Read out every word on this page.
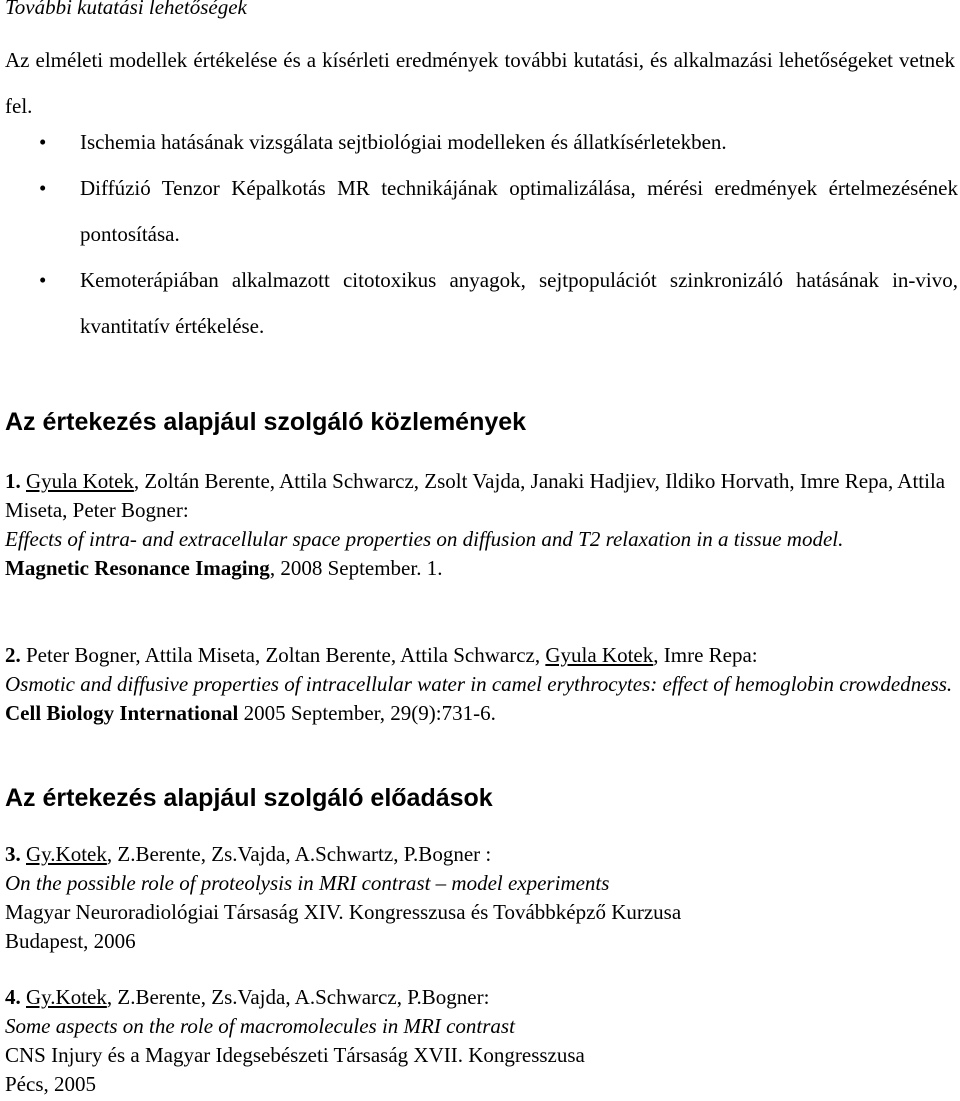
További kutatási lehetőségek

Az elméleti modellek értékelése és a kísérleti eredmények további kutatási, és alkalmazási lehetőségeket vetnek fel.

• Ischemia hatásának vizsgálata sejtbiológiai modelleken és állatkísérletekben.
• Diffúzió Tenzor Képalkotás MR technikájának optimalizálása, mérési eredmények értelmezésének pontosítása.
• Kemoterápiában alkalmazott citotoxikus anyagok, sejtpopulációt szinkronizáló hatásának in-vivo, kvantitatív értékelése.
Az értekezés alapjául szolgáló közlemények
1. Gyula Kotek, Zoltán Berente, Attila Schwarcz, Zsolt Vajda, Janaki Hadjiev, Ildiko Horvath, Imre Repa, Attila Miseta, Peter Bogner:
Effects of intra- and extracellular space properties on diffusion and T2 relaxation in a tissue model.
Magnetic Resonance Imaging, 2008 September. 1.
2. Peter Bogner, Attila Miseta, Zoltan Berente, Attila Schwarcz, Gyula Kotek, Imre Repa:
Osmotic and diffusive properties of intracellular water in camel erythrocytes: effect of hemoglobin crowdedness.
Cell Biology International 2005 September, 29(9):731-6.
Az értekezés alapjául szolgáló előadások
3. Gy.Kotek, Z.Berente, Zs.Vajda, A.Schwartz, P.Bogner :
On the possible role of proteolysis in MRI contrast – model experiments
Magyar Neuroradiológiai Társaság XIV. Kongresszusa és Továbbképző Kurzusa
Budapest, 2006
4. Gy.Kotek, Z.Berente, Zs.Vajda, A.Schwarcz, P.Bogner:
Some aspects on the role of macromolecules in MRI contrast
CNS Injury és a Magyar Idegsebészeti Társaság XVII. Kongresszusa
Pécs, 2005
